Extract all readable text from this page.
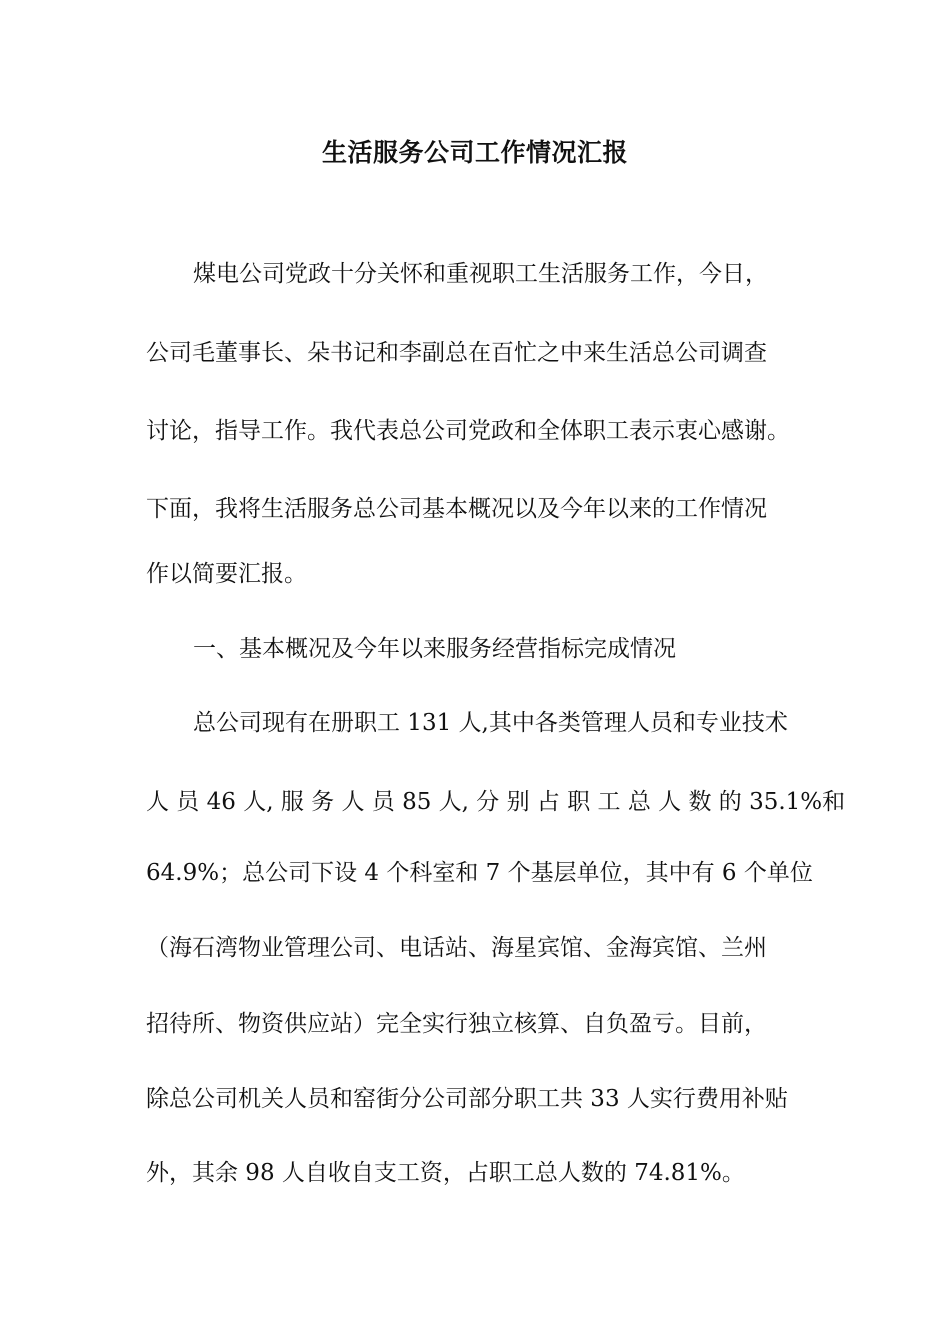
生活服务公司工作情况汇报
煤电公司党政十分关怀和重视职工生活服务工作，今日，
公司毛董事长、朵书记和李副总在百忙之中来生活总公司调查
讨论，指导工作。我代表总公司党政和全体职工表示衷心感谢。
下面，我将生活服务总公司基本概况以及今年以来的工作情况
作以简要汇报。
一、基本概况及今年以来服务经营指标完成情况
总公司现有在册职工 131 人,其中各类管理人员和专业技术
人 员 46 人, 服 务 人 员 85 人, 分 别 占 职 工 总 人 数 的 35.1%和
64.9%；总公司下设 4 个科室和 7 个基层单位，其中有 6 个单位
（海石湾物业管理公司、电话站、海星宾馆、金海宾馆、兰州
招待所、物资供应站）完全实行独立核算、自负盈亏。目前，
除总公司机关人员和窑街分公司部分职工共 33 人实行费用补贴
外，其余 98 人自收自支工资，占职工总人数的 74.81%。
